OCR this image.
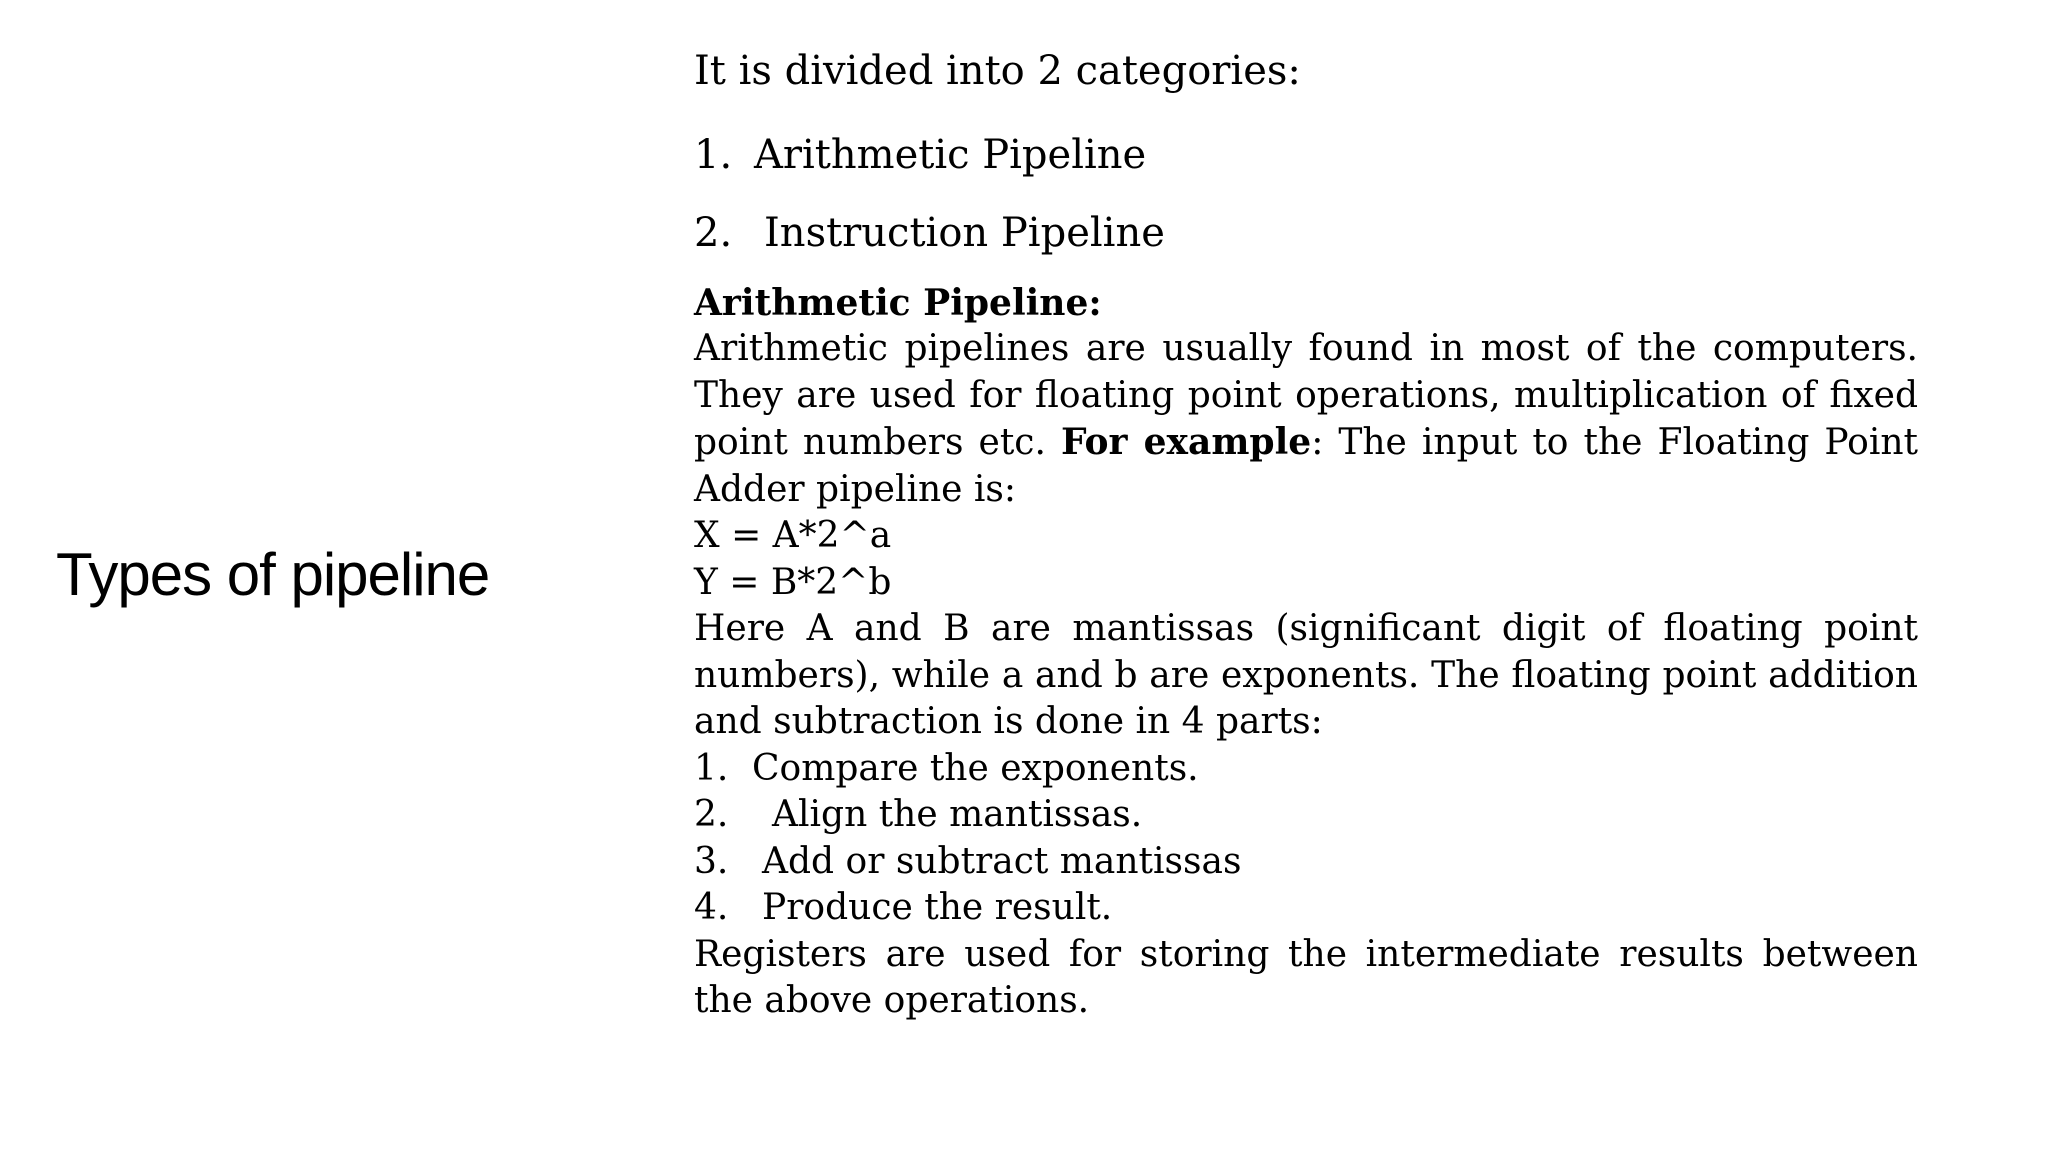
Types of pipeline
It is divided into 2 categories:
1. Arithmetic Pipeline
2. Instruction Pipeline
Arithmetic Pipeline:
Arithmetic pipelines are usually found in most of the computers. They are used for floating point operations, multiplication of fixed point numbers etc. For example: The input to the Floating Point Adder pipeline is:
X = A*2^a
Y = B*2^b
Here A and B are mantissas (significant digit of floating point numbers), while a and b are exponents. The floating point addition and subtraction is done in 4 parts:
1. Compare the exponents.
2. Align the mantissas.
3. Add or subtract mantissas
4. Produce the result.
Registers are used for storing the intermediate results between the above operations.
